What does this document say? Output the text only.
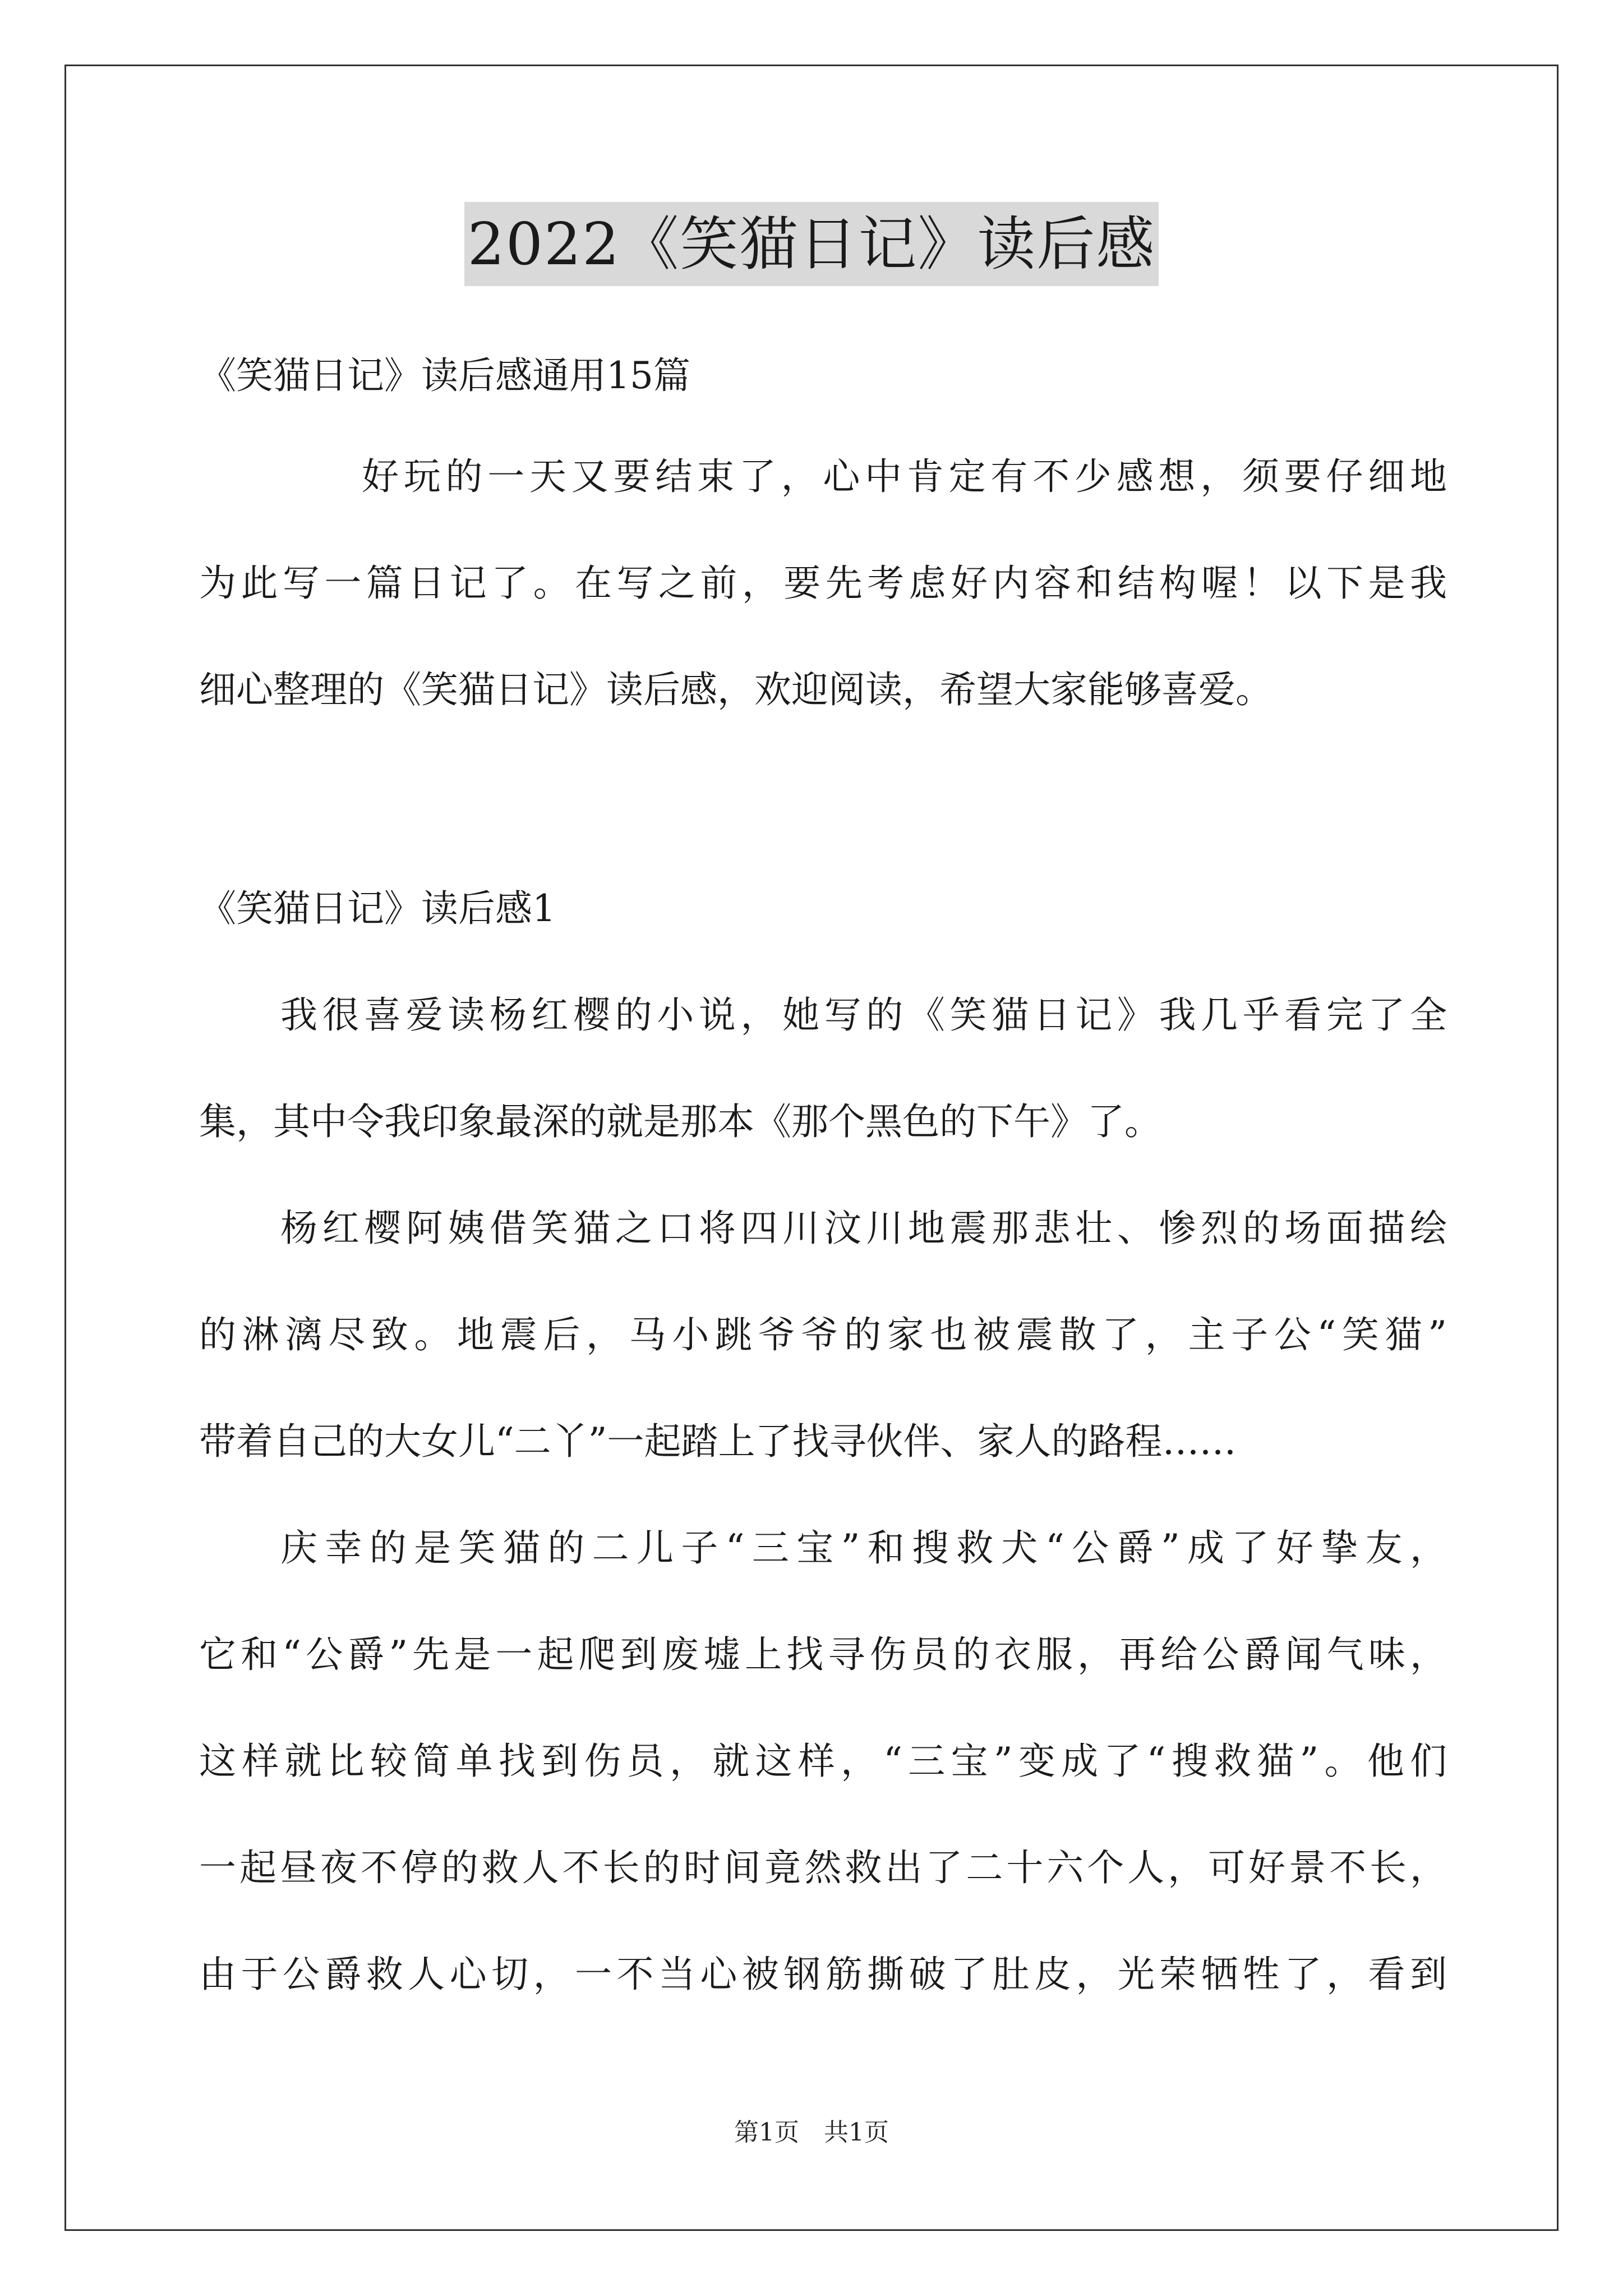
2022《笑猫日记》读后感
《笑猫日记》读后感通用15篇
好玩的一天又要结束了，心中肯定有不少感想，须要仔细地
为此写一篇日记了。在写之前，要先考虑好内容和结构喔！以下是我
细心整理的《笑猫日记》读后感，欢迎阅读，希望大家能够喜爱。
《笑猫日记》读后感1
我很喜爱读杨红樱的小说，她写的《笑猫日记》我几乎看完了全
集，其中令我印象最深的就是那本《那个黑色的下午》了。
杨红樱阿姨借笑猫之口将四川汶川地震那悲壮、惨烈的场面描绘
的淋漓尽致。地震后，马小跳爷爷的家也被震散了，主子公“笑猫”
带着自己的大女儿“二丫”一起踏上了找寻伙伴、家人的路程……
庆幸的是笑猫的二儿子“三宝”和搜救犬“公爵”成了好挚友，
它和“公爵”先是一起爬到废墟上找寻伤员的衣服，再给公爵闻气味，
这样就比较简单找到伤员，就这样，“三宝”变成了“搜救猫”。他们
一起昼夜不停的救人不长的时间竟然救出了二十六个人，可好景不长，
由于公爵救人心切，一不当心被钢筋撕破了肚皮，光荣牺牲了，看到
第1页　共1页
